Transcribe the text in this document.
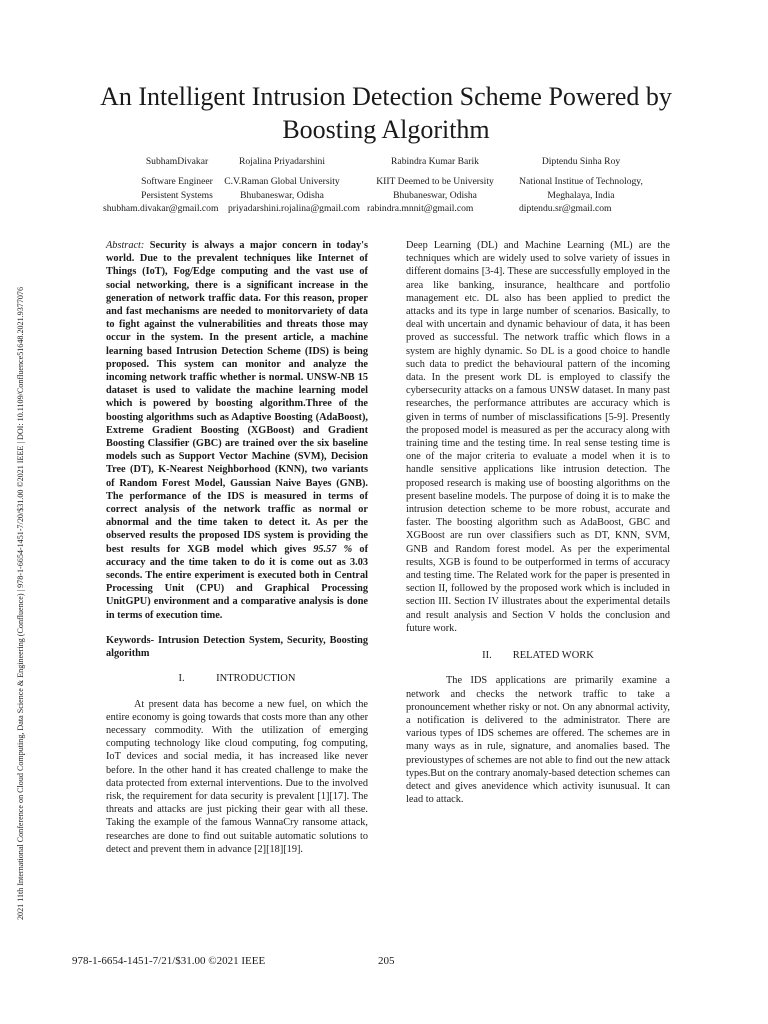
2021 11th International Conference on Cloud Computing, Data Science & Engineering (Confluence) | 978-1-6654-1451-7/20/$31.00 ©2021 IEEE | DOI: 10.1109/Confluence51648.2021.9377076
An Intelligent Intrusion Detection Scheme Powered by Boosting Algorithm
SubhamDivakar
Software Engineer
Persistent Systems
Rojalina Priyadarshini
C.V.Raman Global University
Bhubaneswar, Odisha
Rabindra Kumar Barik
KIIT Deemed to be University
Bhubaneswar, Odisha
Diptendu Sinha Roy
National Institue of Technology,
Meghalaya, India
shubham.divakar@gmail.com priyadarshini.rojalina@gmail.com rabindra.mnnit@gmail.com	diptendu.sr@gmail.com

Abstract: Security is always a major concern in today's world. Due to the prevalent techniques like Internet of Things (IoT), Fog/Edge computing and the vast use of social networking, there is a significant increase in the generation of network traffic data. For this reason, proper and fast mechanisms are needed to monitorvariety of data to fight against the vulnerabilities and threats those may occur in the system. In the present article, a machine learning based Intrusion Detection Scheme (IDS) is being proposed. This system can monitor and analyze the incoming network traffic whether is normal. UNSW-NB 15 dataset is used to validate the machine learning model which is powered by boosting algorithm.Three of the boosting algorithms such as Adaptive Boosting (AdaBoost), Extreme Gradient Boosting (XGBoost) and Gradient Boosting Classifier (GBC) are trained over the six baseline models such as Support Vector Machine (SVM), Decision Tree (DT), K-Nearest Neighborhood (KNN), two variants of Random Forest Model, Gaussian Naive Bayes (GNB). The performance of the IDS is measured in terms of correct analysis of the network traffic as normal or abnormal and the time taken to detect it. As per the observed results the proposed IDS system is providing the best results for XGB model which gives 95.57 % of accuracy and the time taken to do it is come out as 3.03 seconds. The entire experiment is executed both in Central Processing Unit (CPU) and Graphical Processing UnitGPU) environment and a comparative analysis is done in terms of execution time.

Keywords- Intrusion Detection System, Security, Boosting algorithm

I.   INTRODUCTION

At present data has become a new fuel, on which the entire economy is going towards that costs more than any other necessary commodity. With the utilization of emerging computing technology like cloud computing, fog computing, IoT devices and social media, it has increased like never before. In the other hand it has created challenge to make the data protected from external interventions. Due to the involved risk, the requirement for data security is prevalent [1][17]. The threats and attacks are just picking their gear with all these. Taking the example of the famous WannaCry ransome attack, researches are done to find out suitable automatic solutions to detect and prevent them in advance [2][18][19].

Deep Learning (DL) and Machine Learning (ML) are the techniques which are widely used to solve variety of issues in different domains [3-4]. These are successfully employed in the area like banking, insurance, healthcare and portfolio management etc. DL also has been applied to predict the attacks and its type in large number of scenarios. Basically, to deal with uncertain and dynamic behaviour of data, it has been proved as successful. The network traffic which flows in a system are highly dynamic. So DL is a good choice to handle such data to predict the behavioural pattern of the incoming data. In the present work DL is employed to classify the cybersecurity attacks on a famous UNSW dataset. In many past researches, the performance attributes are accuracy which is given in terms of number of misclassifications [5-9]. Presently the proposed model is measured as per the accuracy along with training time and the testing time. In real sense testing time is one of the major criteria to evaluate a model when it is to handle sensitive applications like intrusion detection. The proposed research is making use of boosting algorithms on the present baseline models. The purpose of doing it is to make the intrusion detection scheme to be more robust, accurate and faster. The boosting algorithm such as AdaBoost, GBC and XGBoost are run over classifiers such as DT, KNN, SVM, GNB and Random forest model. As per the experimental results, XGB is found to be outperformed in terms of accuracy and testing time. The Related work for the paper is presented in section II, followed by the proposed work which is included in section III. Section IV illustrates about the experimental details and result analysis and Section V holds the conclusion and future work.

II.  RELATED WORK

The IDS applications are primarily examine a network and checks the network traffic to take a pronouncement whether risky or not. On any abnormal activity, a notification is delivered to the administrator. There are various types of IDS schemes are offered. The schemes are in many ways as in rule, signature, and anomalies based. The previoustypes of schemes are not able to find out the new attack types.But on the contrary anomaly-based detection schemes can detect and gives anevidence which activity isunusual. It can lead to attack.

978-1-6654-1451-7/21/$31.00 ©2021 IEEE	205
